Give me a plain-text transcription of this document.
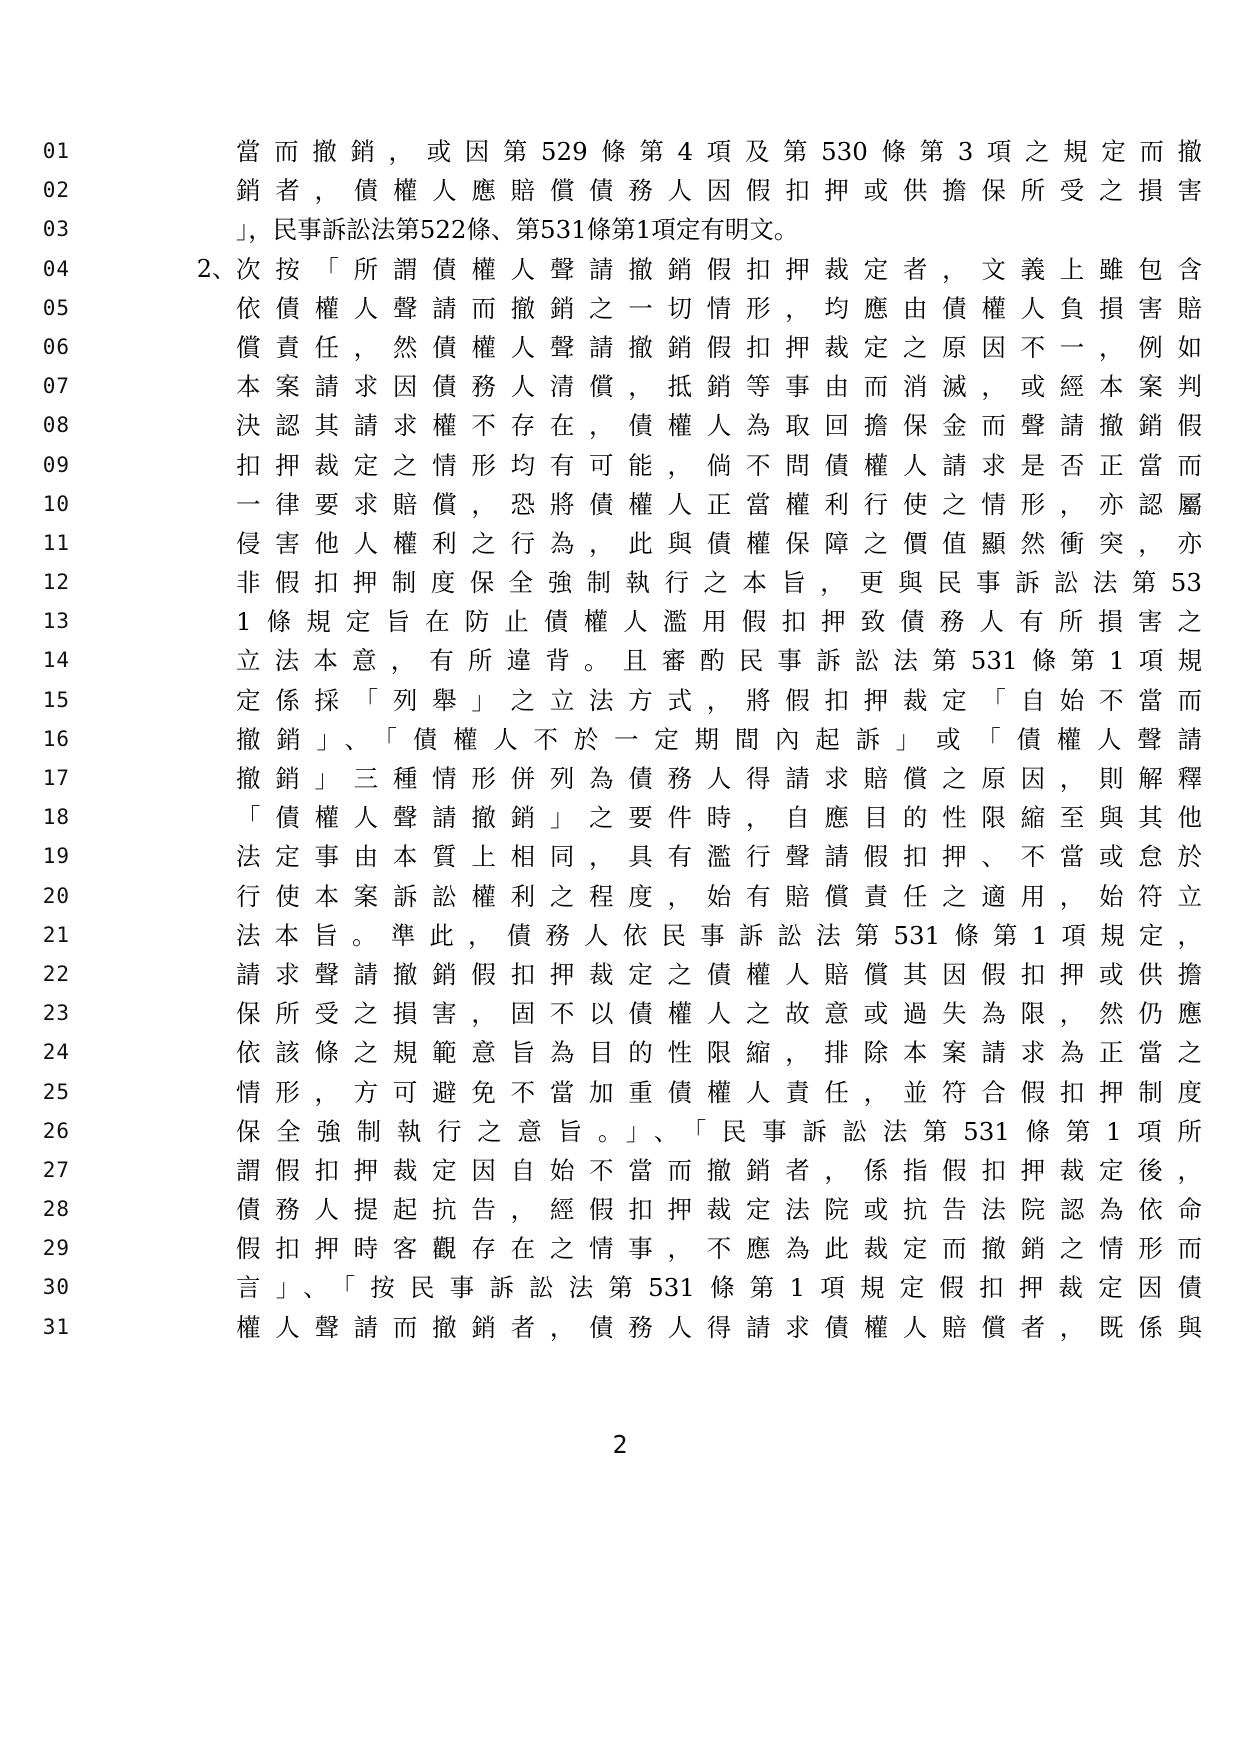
01	當而撤銷，或因第529條第4項及第530條第3項之規定而撤
02	銷者，債權人應賠償債務人因假扣押或供擔保所受之損害
03	」，民事訴訟法第522條、第531條第1項定有明文。
04	2、 次按「所謂債權人聲請撤銷假扣押裁定者，文義上雖包含
05	依債權人聲請而撤銷之一切情形，均應由債權人負損害賠
06	償責任，然債權人聲請撤銷假扣押裁定之原因不一，例如
07	本案請求因債務人清償，抵銷等事由而消滅，或經本案判
08	決認其請求權不存在，債權人為取回擔保金而聲請撤銷假
09	扣押裁定之情形均有可能，倘不問債權人請求是否正當而
10	一律要求賠償，恐將債權人正當權利行使之情形，亦認屬
11	侵害他人權利之行為，此與債權保障之價值顯然衝突，亦
12	非假扣押制度保全強制執行之本旨，更與民事訴訟法第53
13	1條規定旨在防止債權人濫用假扣押致債務人有所損害之
14	立法本意，有所違背。且審酌民事訴訟法第531條第1項規
15	定係採「列舉」之立法方式，將假扣押裁定「自始不當而
16	撤銷」、「債權人不於一定期間內起訴」或「債權人聲請
17	撤銷」三種情形併列為債務人得請求賠償之原因，則解釋
18	「債權人聲請撤銷」之要件時，自應目的性限縮至與其他
19	法定事由本質上相同，具有濫行聲請假扣押、不當或怠於
20	行使本案訴訟權利之程度，始有賠償責任之適用，始符立
21	法本旨。準此，債務人依民事訴訟法第531條第1項規定，
22	請求聲請撤銷假扣押裁定之債權人賠償其因假扣押或供擔
23	保所受之損害，固不以債權人之故意或過失為限，然仍應
24	依該條之規範意旨為目的性限縮，排除本案請求為正當之
25	情形，方可避免不當加重債權人責任，並符合假扣押制度
26	保全強制執行之意旨。」、「民事訴訟法第531條第1項所
27	謂假扣押裁定因自始不當而撤銷者，係指假扣押裁定後，
28	債務人提起抗告，經假扣押裁定法院或抗告法院認為依命
29	假扣押時客觀存在之情事，不應為此裁定而撤銷之情形而
30	言」、「按民事訴訟法第531條第1項規定假扣押裁定因債
31	權人聲請而撤銷者，債務人得請求債權人賠償者，既係與
2
